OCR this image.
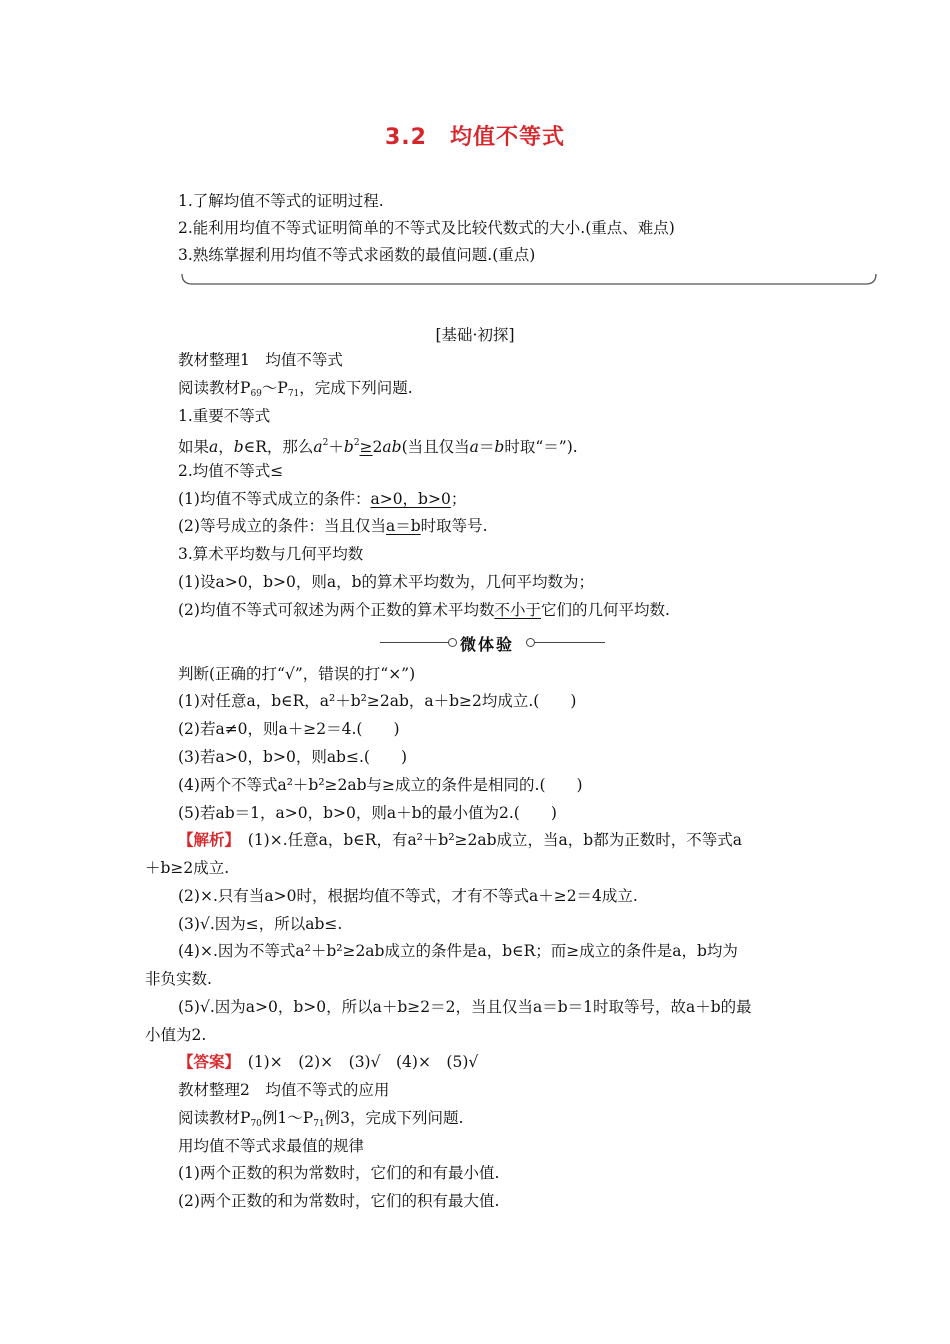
3.2　均值不等式
1.了解均值不等式的证明过程.
2.能利用均值不等式证明简单的不等式及比较代数式的大小.(重点、难点)
3.熟练掌握利用均值不等式求函数的最值问题.(重点)
[基础·初探]
教材整理1　均值不等式
阅读教材$P_{69}\sim P_{71}$，完成下列问题.
1.重要不等式
如果a，b∈R，那么$a^2+b^2\ge 2ab$(当且仅当a＝b时取“＝”).
2.均值不等式≤
(1)均值不等式成立的条件：a>0，b>0；
(2)等号成立的条件：当且仅当a＝b时取等号.
3.算术平均数与几何平均数
(1)设a>0，b>0，则a，b的算术平均数为，几何平均数为；
(2)均值不等式可叙述为两个正数的算术平均数不小于它们的几何平均数.
微体验
判断(正确的打“√”，错误的打“×”)
(1)对任意a，b∈R，a²＋b²≥2ab，a＋b≥2均成立.(　　)
(2)若a≠0，则a＋≥2＝4.(　　)
(3)若a>0，b>0，则ab≤.(　　)
(4)两个不等式a²＋b²≥2ab与≥成立的条件是相同的.(　　)
(5)若ab＝1，a>0，b>0，则a＋b的最小值为2.(　　)
【解析】　(1)×.任意a，b∈R，有a²＋b²≥2ab成立，当a，b都为正数时，不等式a
＋b≥2成立.
(2)×.只有当a>0时，根据均值不等式，才有不等式a＋≥2＝4成立.
(3)√.因为≤，所以ab≤.
(4)×.因为不等式a²＋b²≥2ab成立的条件是a，b∈R；而≥成立的条件是a，b均为
非负实数.
(5)√.因为a>0，b>0，所以a＋b≥2＝2，当且仅当a＝b＝1时取等号，故a＋b的最
小值为2.
【答案】　(1)×　(2)×　(3)√　(4)×　(5)√
教材整理2　均值不等式的应用
阅读教材$P_{70}$例$1\sim P_{71}$例3，完成下列问题.
用均值不等式求最值的规律
(1)两个正数的积为常数时，它们的和有最小值.
(2)两个正数的和为常数时，它们的积有最大值.
